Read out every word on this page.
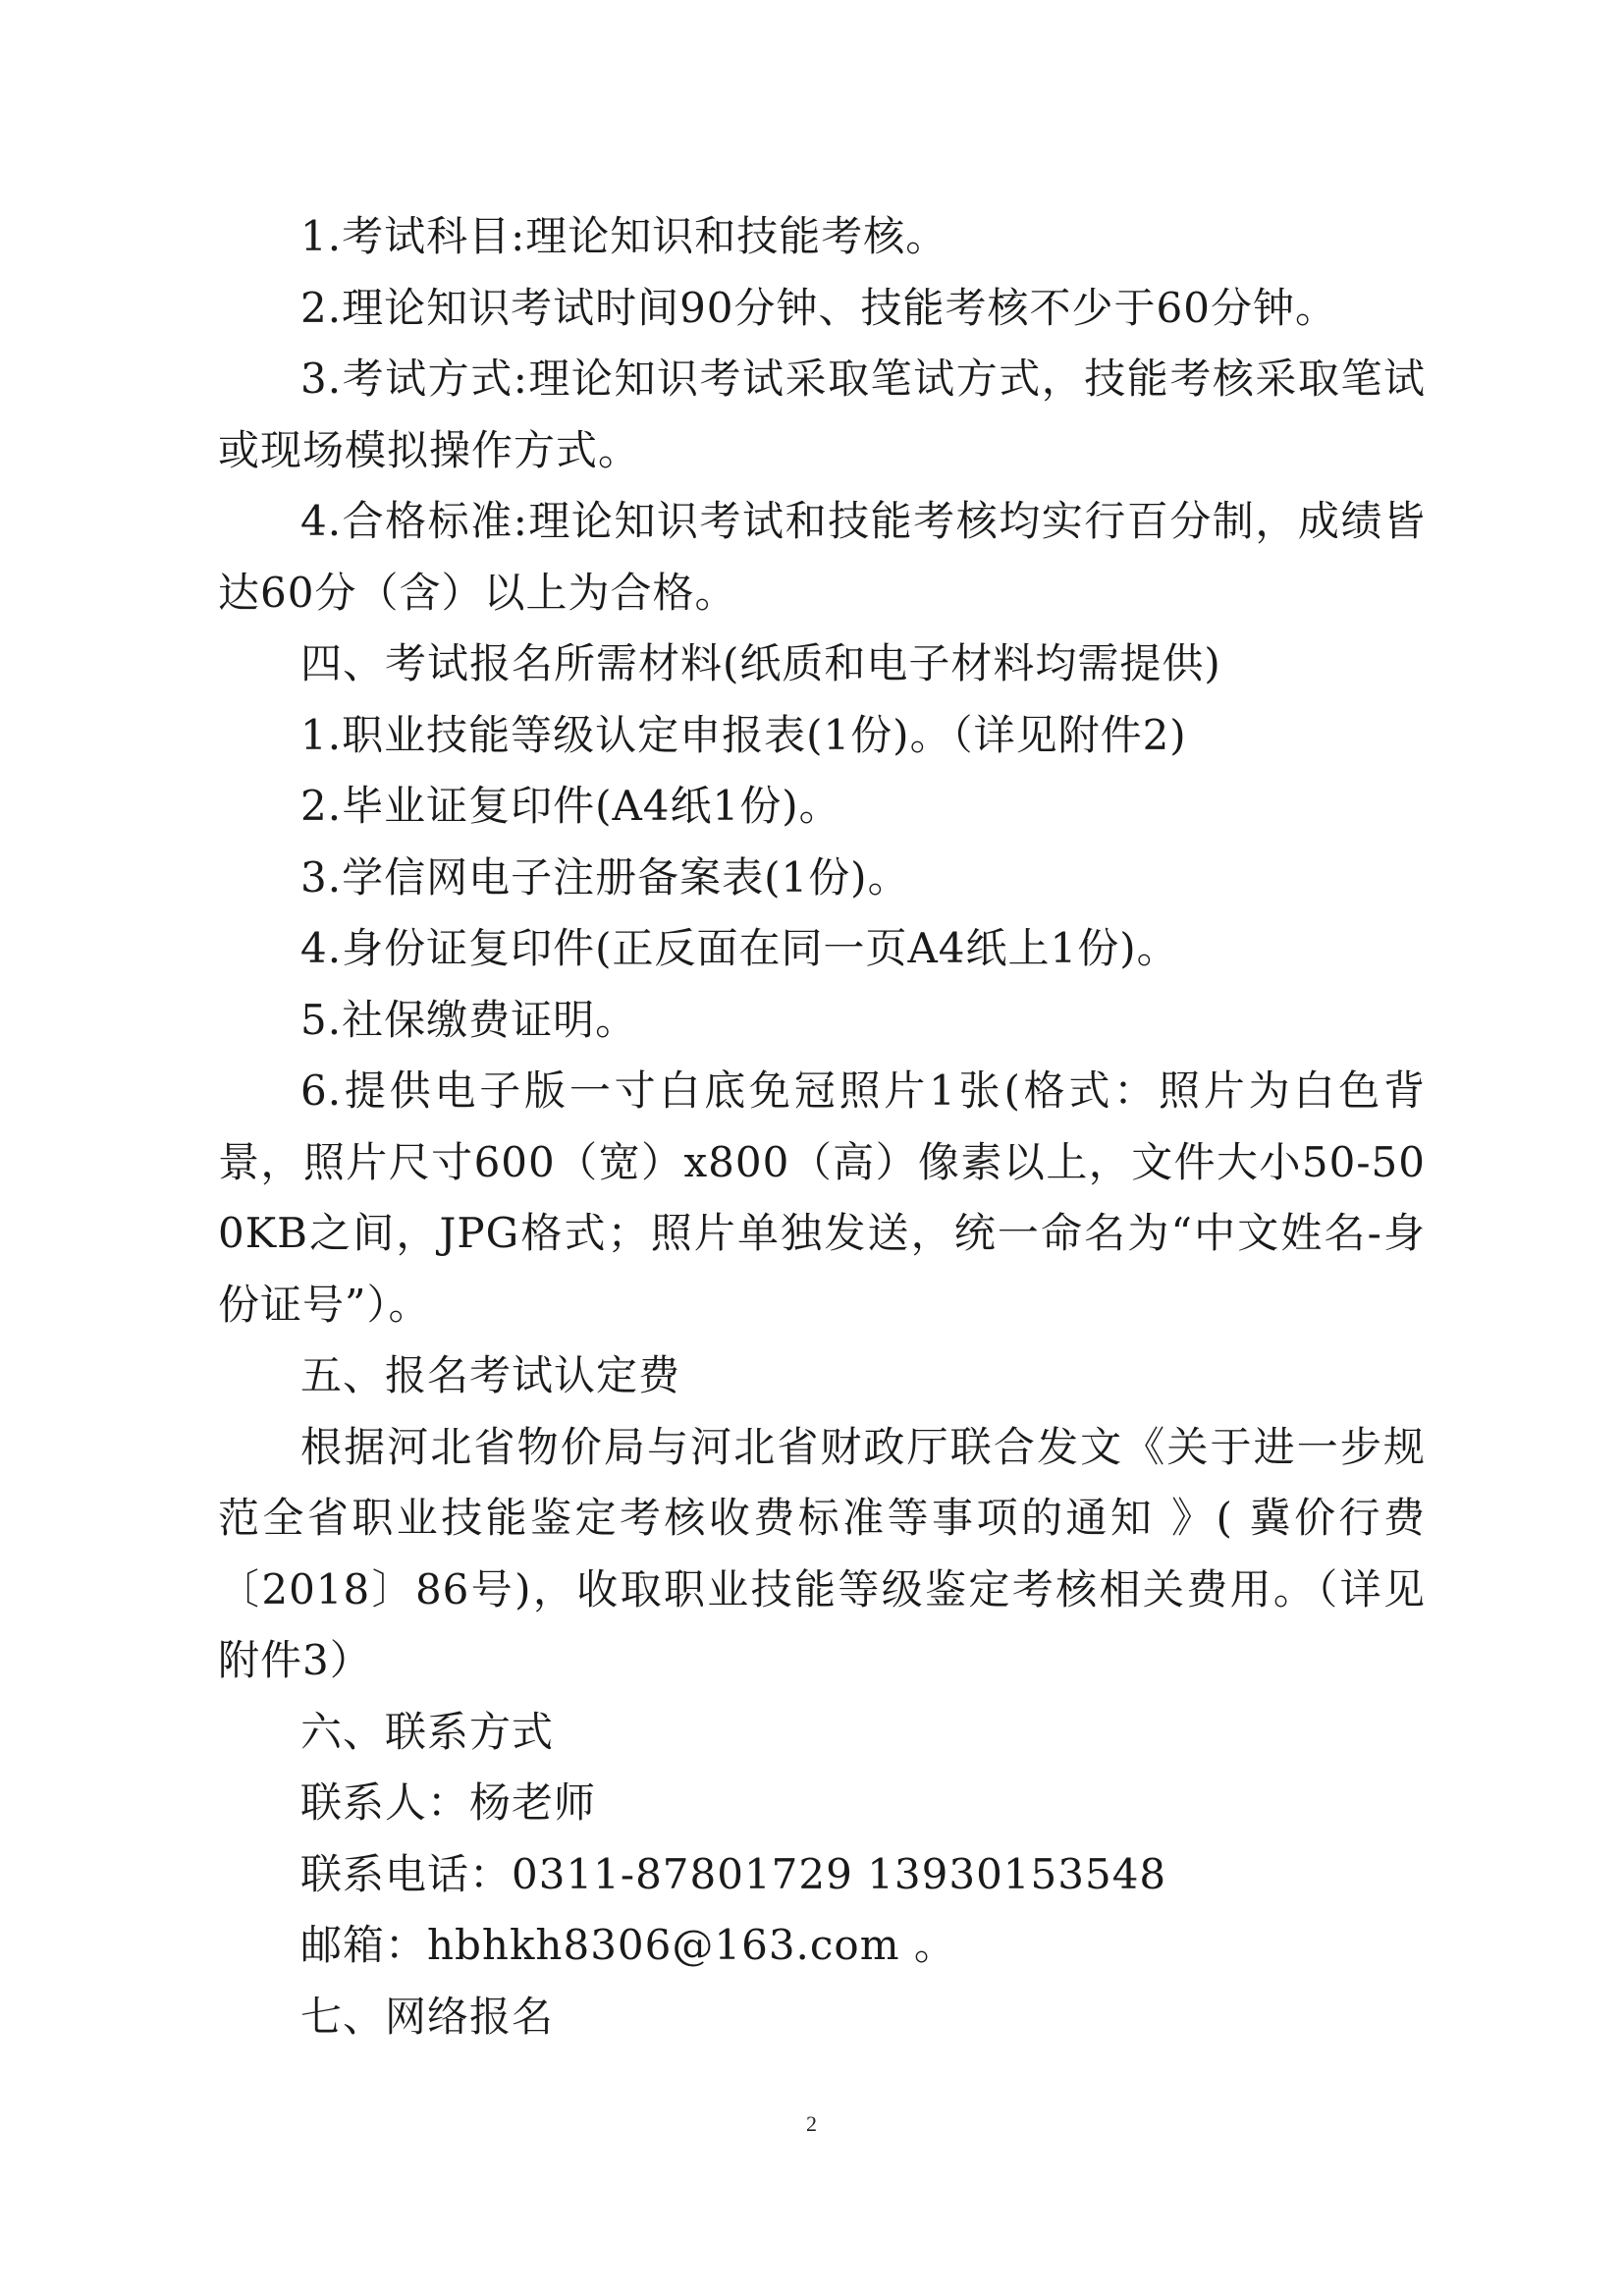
1.考试科目:理论知识和技能考核。

2.理论知识考试时间90分钟、技能考核不少于60分钟。

3.考试方式:理论知识考试采取笔试方式，技能考核采取笔试或现场模拟操作方式。

4.合格标准:理论知识考试和技能考核均实行百分制，成绩皆达60分（含）以上为合格。

四、考试报名所需材料(纸质和电子材料均需提供)

1.职业技能等级认定申报表(1份)。（详见附件2)

2.毕业证复印件(A4纸1份)。

3.学信网电子注册备案表(1份)。

4.身份证复印件(正反面在同一页A4纸上1份)。

5.社保缴费证明。

6.提供电子版一寸白底免冠照片1张(格式：照片为白色背景，照片尺寸600（宽）x800（高）像素以上，文件大小50-500KB之间，JPG格式；照片单独发送，统一命名为“中文姓名-身份证号”）。

五、报名考试认定费

根据河北省物价局与河北省财政厅联合发文《关于进一步规范全省职业技能鉴定考核收费标准等事项的通知 》( 冀价行费〔2018〕86号)，收取职业技能等级鉴定考核相关费用。（详见附件3）

六、联系方式

联系人：杨老师

联系电话：0311-87801729 13930153548

邮箱：hbhkh8306@163.com 。

七、网络报名

2
